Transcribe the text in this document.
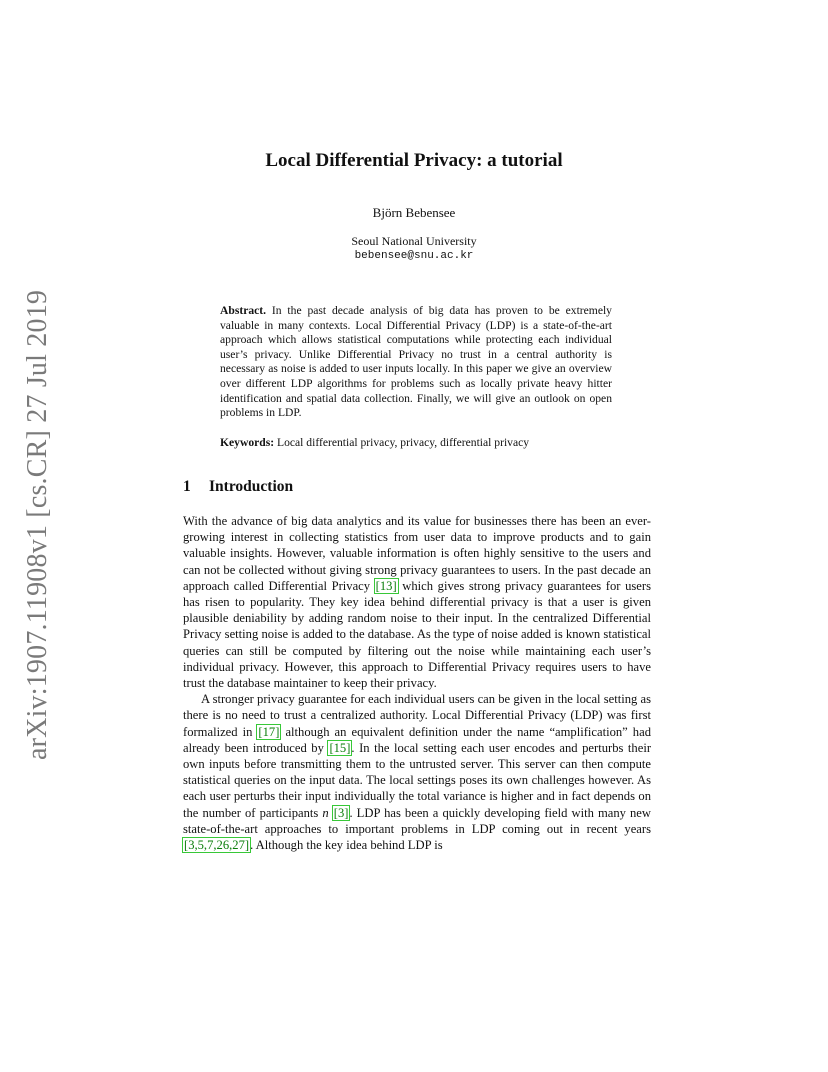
arXiv:1907.11908v1 [cs.CR] 27 Jul 2019
Local Differential Privacy: a tutorial
Björn Bebensee
Seoul National University
bebensee@snu.ac.kr
Abstract. In the past decade analysis of big data has proven to be extremely valuable in many contexts. Local Differential Privacy (LDP) is a state-of-the-art approach which allows statistical computations while protecting each individual user’s privacy. Unlike Differential Privacy no trust in a central authority is necessary as noise is added to user inputs locally. In this paper we give an overview over different LDP algorithms for problems such as locally private heavy hitter identification and spatial data collection. Finally, we will give an outlook on open problems in LDP.
Keywords: Local differential privacy, privacy, differential privacy
1 Introduction

With the advance of big data analytics and its value for businesses there has been an ever-growing interest in collecting statistics from user data to improve products and to gain valuable insights. However, valuable information is often highly sensitive to the users and can not be collected without giving strong privacy guarantees to users. In the past decade an approach called Differential Privacy [13] which gives strong privacy guarantees for users has risen to popularity. They key idea behind differential privacy is that a user is given plausible deniability by adding random noise to their input. In the centralized Differential Privacy setting noise is added to the database. As the type of noise added is known statistical queries can still be computed by filtering out the noise while maintaining each user’s individual privacy. However, this approach to Differential Privacy requires users to have trust the database maintainer to keep their privacy.

A stronger privacy guarantee for each individual users can be given in the local setting as there is no need to trust a centralized authority. Local Differential Privacy (LDP) was first formalized in [17] although an equivalent definition under the name “amplification” had already been introduced by [15]. In the local setting each user encodes and perturbs their own inputs before transmitting them to the untrusted server. This server can then compute statistical queries on the input data. The local settings poses its own challenges however. As each user perturbs their input individually the total variance is higher and in fact depends on the number of participants n [3]. LDP has been a quickly developing field with many new state-of-the-art approaches to important problems in LDP coming out in recent years [3,5,7,26,27]. Although the key idea behind LDP is
